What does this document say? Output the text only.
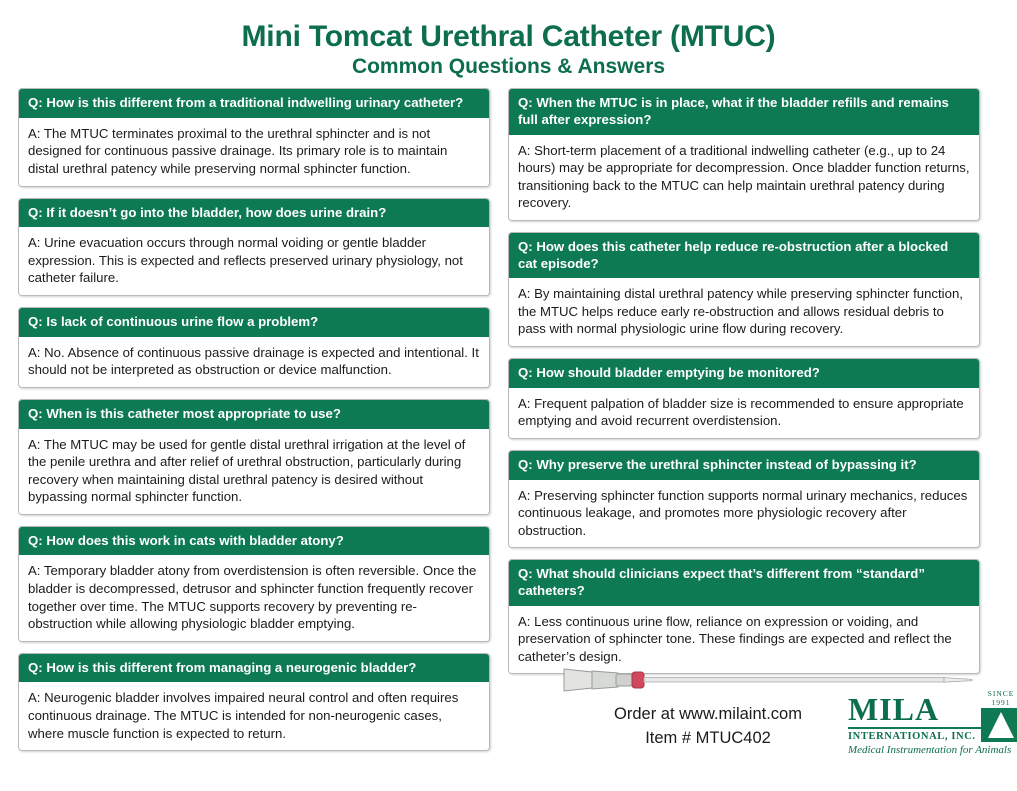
Mini Tomcat Urethral Catheter (MTUC)
Common Questions & Answers
Q: How is this different from a traditional indwelling urinary catheter?
A: The MTUC terminates proximal to the urethral sphincter and is not designed for continuous passive drainage. Its primary role is to maintain distal urethral patency while preserving normal sphincter function.
Q: If it doesn’t go into the bladder, how does urine drain?
A: Urine evacuation occurs through normal voiding or gentle bladder expression. This is expected and reflects preserved urinary physiology, not catheter failure.
Q: Is lack of continuous urine flow a problem?
A: No. Absence of continuous passive drainage is expected and intentional. It should not be interpreted as obstruction or device malfunction.
Q: When is this catheter most appropriate to use?
A: The MTUC may be used for gentle distal urethral irrigation at the level of the penile urethra and after relief of urethral obstruction, particularly during recovery when maintaining distal urethral patency is desired without bypassing normal sphincter function.
Q: How does this work in cats with bladder atony?
A: Temporary bladder atony from overdistension is often reversible. Once the bladder is decompressed, detrusor and sphincter function frequently recover together over time. The MTUC supports recovery by preventing re-obstruction while allowing physiologic bladder emptying.
Q: How is this different from managing a neurogenic bladder?
A: Neurogenic bladder involves impaired neural control and often requires continuous drainage. The MTUC is intended for non-neurogenic cases, where muscle function is expected to return.
Q: When the MTUC is in place, what if the bladder refills and remains full after expression?
A: Short-term placement of a traditional indwelling catheter (e.g., up to 24 hours) may be appropriate for decompression. Once bladder function returns, transitioning back to the MTUC can help maintain urethral patency during recovery.
Q: How does this catheter help reduce re-obstruction after a blocked cat episode?
A: By maintaining distal urethral patency while preserving sphincter function, the MTUC helps reduce early re-obstruction and allows residual debris to pass with normal physiologic urine flow during recovery.
Q: How should bladder emptying be monitored?
A: Frequent palpation of bladder size is recommended to ensure appropriate emptying and avoid recurrent overdistension.
Q: Why preserve the urethral sphincter instead of bypassing it?
A: Preserving sphincter function supports normal urinary mechanics, reduces continuous leakage, and promotes more physiologic recovery after obstruction.
Q: What should clinicians expect that’s different from “standard” catheters?
A: Less continuous urine flow, reliance on expression or voiding, and preservation of sphincter tone. These findings are expected and reflect the catheter’s design.
Order at www.milaint.com
Item # MTUC402
SINCE 1991
MILA
INTERNATIONAL, INC.
Medical Instrumentation for Animals
